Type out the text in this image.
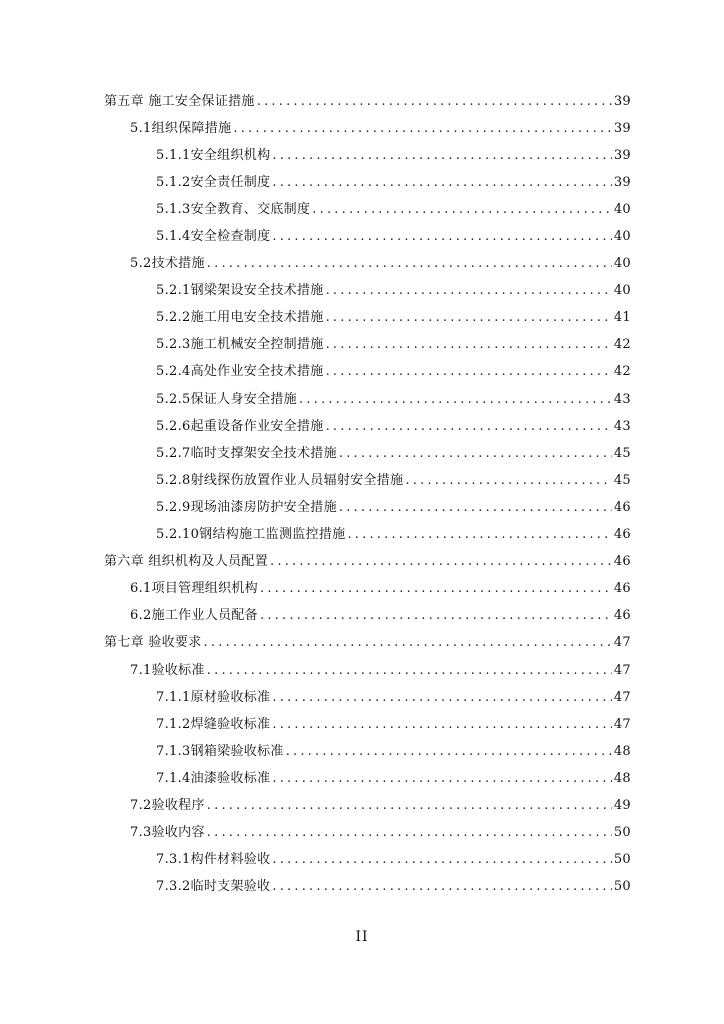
第五章 施工安全保证措施 .....	39
5.1组织保障措施 .....	39
5.1.1安全组织机构 .....	39
5.1.2安全责任制度 .....	39
5.1.3安全教育、交底制度 .....	40
5.1.4安全检查制度 .....	40
5.2技术措施 .....	40
5.2.1钢梁架设安全技术措施 .....	40
5.2.2施工用电安全技术措施 .....	41
5.2.3施工机械安全控制措施 .....	42
5.2.4高处作业安全技术措施 .....	42
5.2.5保证人身安全措施 .....	43
5.2.6起重设备作业安全措施 .....	43
5.2.7临时支撑架安全技术措施 .....	45
5.2.8射线探伤放置作业人员辐射安全措施 .....	45
5.2.9现场油漆房防护安全措施 .....	46
5.2.10钢结构施工监测监控措施 .....	46
第六章 组织机构及人员配置 .....	46
6.1项目管理组织机构 .....	46
6.2施工作业人员配备 .....	46
第七章 验收要求 .....	47
7.1验收标准 .....	47
7.1.1原材验收标准 .....	47
7.1.2焊缝验收标准 .....	47
7.1.3钢箱梁验收标准 .....	48
7.1.4油漆验收标准 .....	48
7.2验收程序 .....	49
7.3验收内容 .....	50
7.3.1构件材料验收 .....	50
7.3.2临时支架验收 .....	50
II
